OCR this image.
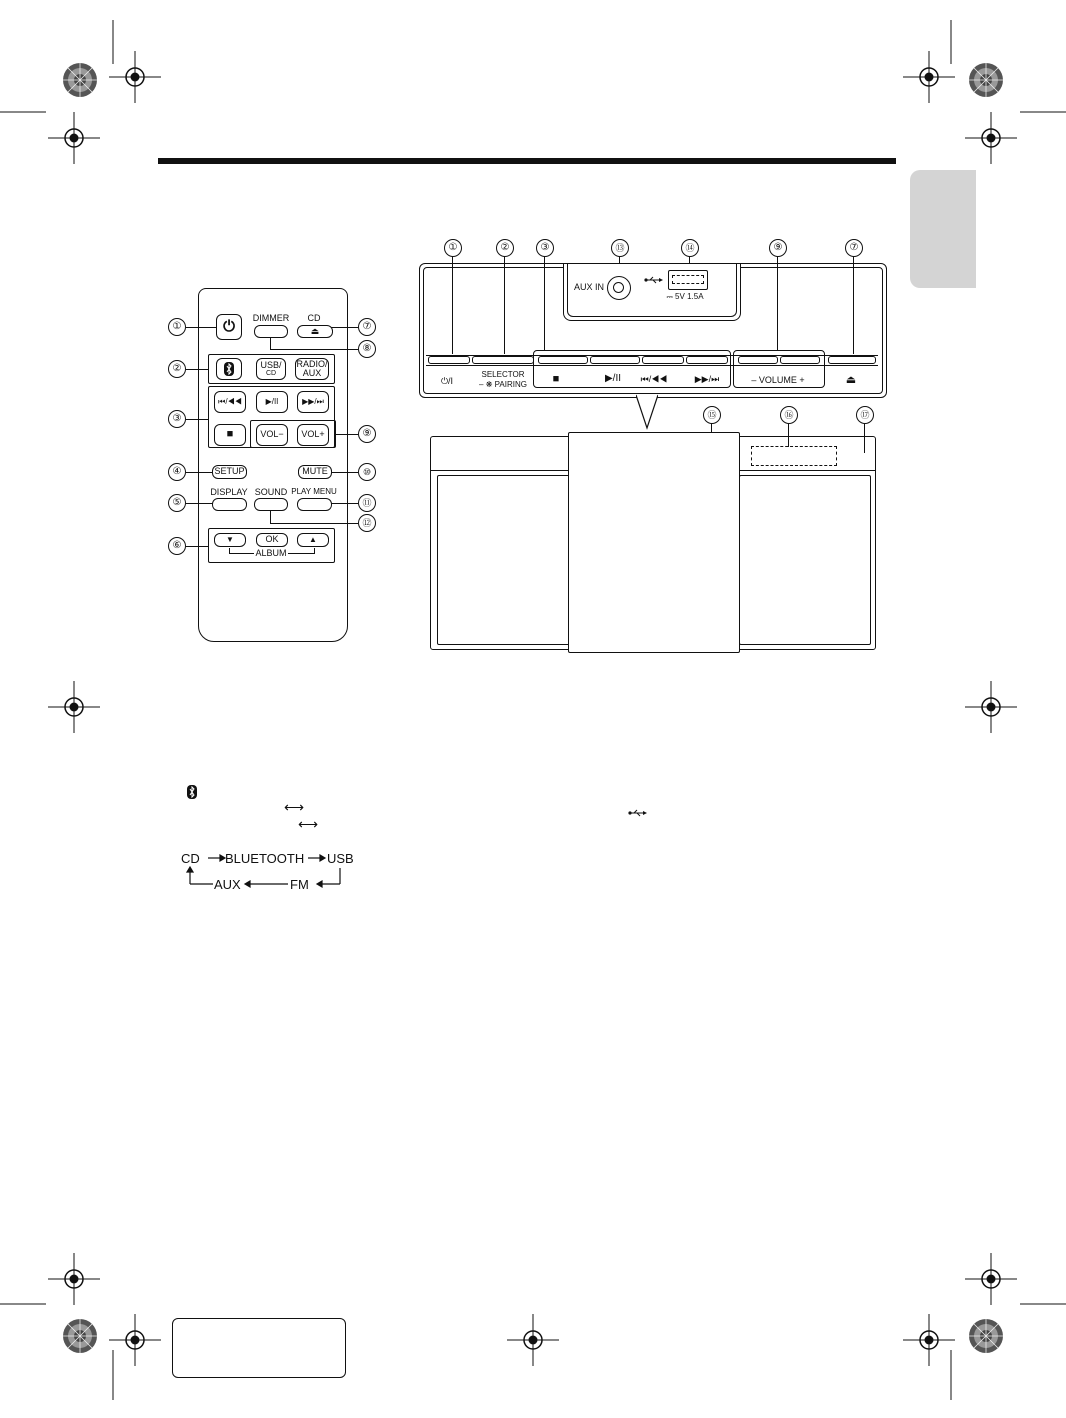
①
②
③
④
⑤
⑥
⑦
⑧
⑨
⑩
⑪
⑫
⏻
DIMMER	CD
⏏
USB/
CD
RADIO/
AUX
⏮/◀◀	▶/II	▶▶/⏭
■	VOL− VOL+
SETUP	MUTE
DISPLAY SOUND PLAY MENU
▼	OK	▲
ALBUM
①	②	③	⑬	⑭	⑨	⑦
AUX IN
⎓ 5V 1.5A
⏻/I
SELECTOR
– ❋ PAIRING	■	▶/II	⏮/◀◀	▶▶/⏭	– VOLUME +	⏏
⑮	⑯	⑰
⟷
⟷
CD BLUETOOTH USB
AUX	FM
